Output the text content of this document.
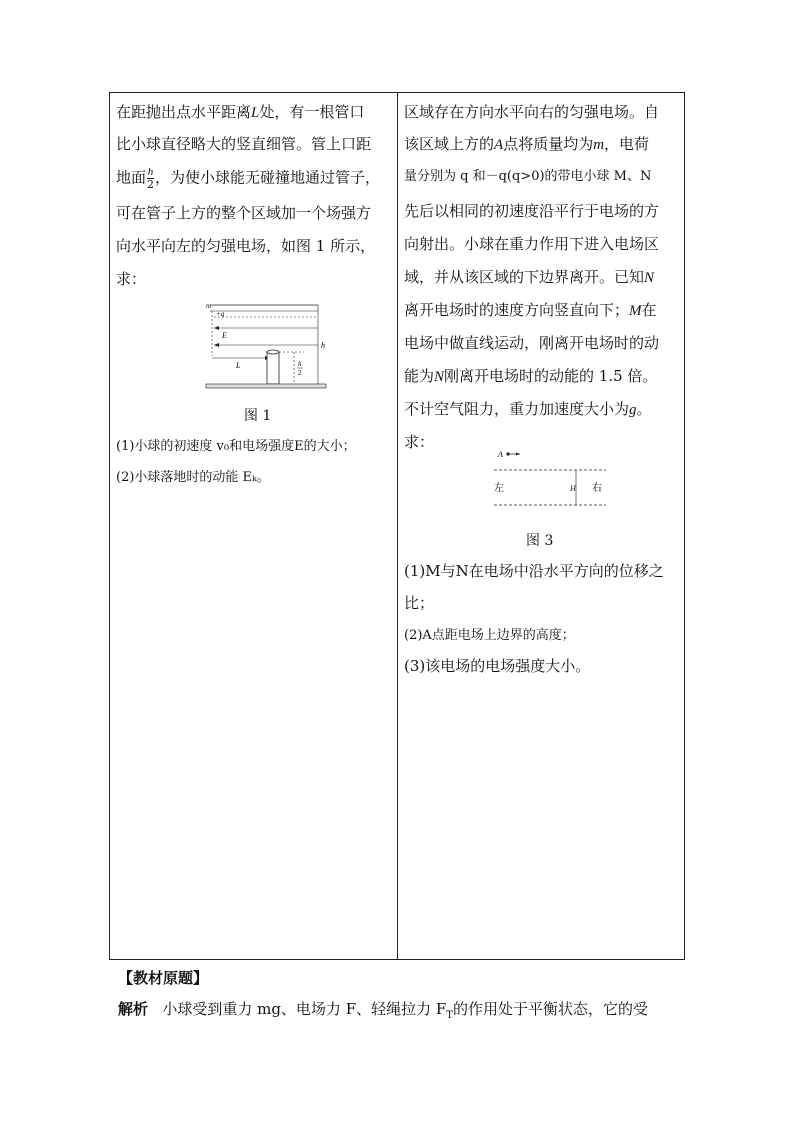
在距抛出点水平距离L处，有一根管口
比小球直径略大的竖直细管。管上口距
地面 $\frac{h}{2}$ ，为使小球能无碰撞地通过管子，
可在管子上方的整个区域加一个场强方
向水平向左的匀强电场，如图 1 所示，
求：
m
+q
E
L
h
h
2
图 1
(1)小球的初速度 v₀和电场强度E的大小；
(2)小球落地时的动能 Eₖ。
区域存在方向水平向右的匀强电场。自
该区域上方的A点将质量均为m，电荷
量分别为 q 和－q(q>0)的带电小球 M、N
先后以相同的初速度沿平行于电场的方
向射出。小球在重力作用下进入电场区
域，并从该区域的下边界离开。已知N
离开电场时的速度方向竖直向下；M在
电场中做直线运动，刚离开电场时的动
能为N刚离开电场时的动能的 1.5 倍。
不计空气阻力，重力加速度大小为g。
求：
A
左	H 右
图 3
(1)M与N在电场中沿水平方向的位移之
比；
(2)A点距电场上边界的高度；
(3)该电场的电场强度大小。
【教材原题】
解析 小球受到重力 mg、电场力 F、轻绳拉力 $F_T$的作用处于平衡状态，它的受
